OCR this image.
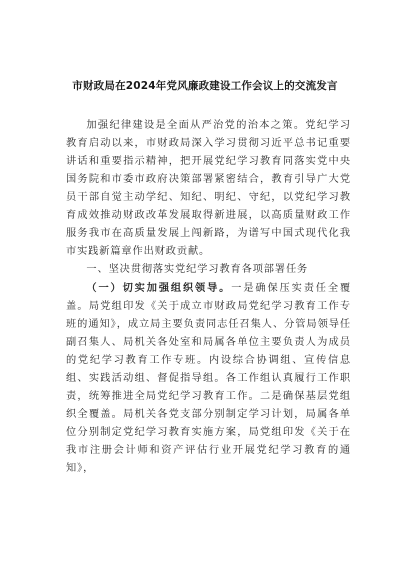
市财政局在2024年党风廉政建设工作会议上的交流发言

加强纪律建设是全面从严治党的治本之策。党纪学习教育启动以来，市财政局深入学习贯彻习近平总书记重要讲话和重要指示精神，把开展党纪学习教育同落实党中央国务院和市委市政府决策部署紧密结合，教育引导广大党员干部自觉主动学纪、知纪、明纪、守纪，以党纪学习教育成效推动财政改革发展取得新进展，以高质量财政工作服务我市在高质量发展上闯新路，为谱写中国式现代化我市实践新篇章作出财政贡献。

一、坚决贯彻落实党纪学习教育各项部署任务

（一）切实加强组织领导。一是确保压实责任全覆盖。局党组印发《关于成立市财政局党纪学习教育工作专班的通知》，成立局主要负责同志任召集人、分管局领导任副召集人、局机关各处室和局属各单位主要负责人为成员的党纪学习教育工作专班。内设综合协调组、宣传信息组、实践活动组、督促指导组。各工作组认真履行工作职责，统筹推进全局党纪学习教育工作。二是确保基层党组织全覆盖。局机关各党支部分别制定学习计划，局属各单位分别制定党纪学习教育实施方案，局党组印发《关于在我市注册会计师和资产评估行业开展党纪学习教育的通知》，
